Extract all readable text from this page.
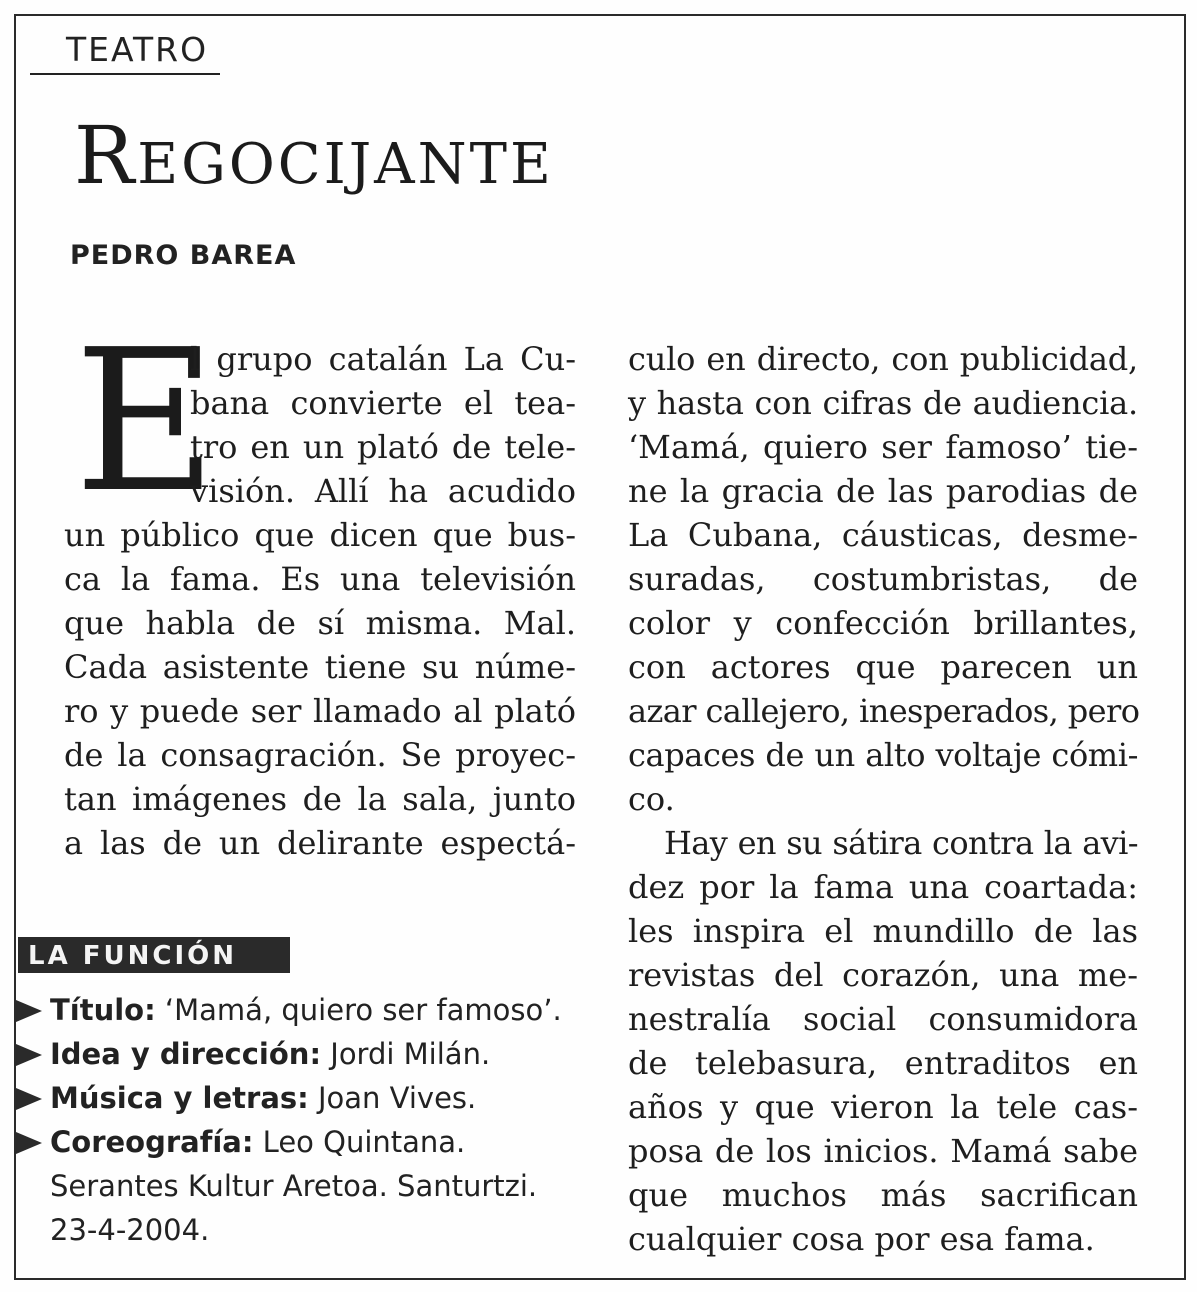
TEATRO
Regocijante
PEDRO BAREA
E
l grupo catalán La Cu-
bana convierte el tea-
tro en un plató de tele-
visión. Allí ha acudido
un público que dicen que bus-
ca la fama. Es una televisión
que habla de sí misma. Mal.
Cada asistente tiene su núme-
ro y puede ser llamado al plató
de la consagración. Se proyec-
tan imágenes de la sala, junto
a las de un delirante espectá-
culo en directo, con publicidad,
y hasta con cifras de audiencia.
‘Mamá, quiero ser famoso’ tie-
ne la gracia de las parodias de
La Cubana, cáusticas, desme-
suradas, costumbristas, de
color y confección brillantes,
con actores que parecen un
azar callejero, inesperados, pero
capaces de un alto voltaje cómi-
co.
Hay en su sátira contra la avi-
dez por la fama una coartada:
les inspira el mundillo de las
revistas del corazón, una me-
nestralía social consumidora
de telebasura, entraditos en
años y que vieron la tele cas-
posa de los inicios. Mamá sabe
que muchos más sacrifican
cualquier cosa por esa fama.
LA FUNCIÓN
Título: ‘Mamá, quiero ser famoso’.
Idea y dirección: Jordi Milán.
Música y letras: Joan Vives.
Coreografía: Leo Quintana.
Serantes Kultur Aretoa. Santurtzi.
23-4-2004.
